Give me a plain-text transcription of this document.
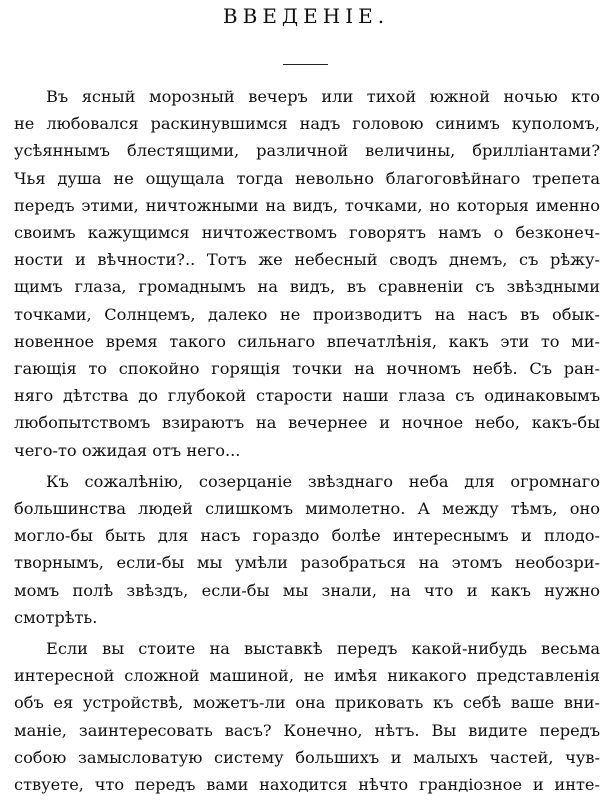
ВВЕДЕНІЕ.

Въ ясный морозный вечеръ или тихой южной ночью кто
не любовался раскинувшимся надъ головою синимъ куполомъ,
усѣяннымъ блестящими, различной величины, брилліантами?
Чья душа не ощущала тогда невольно благоговѣйнаго трепета
передъ этими, ничтожными на видъ, точками, но которыя именно
своимъ кажущимся ничтожествомъ говорятъ намъ о безконеч-
ности и вѣчности?.. Тотъ же небесный сводъ днемъ, съ рѣжу-
щимъ глаза, громаднымъ на видъ, въ сравненіи съ звѣздными
точками, Солнцемъ, далеко не производитъ на насъ въ обык-
новенное время такого сильнаго впечатлѣнія, какъ эти то ми-
гающія то спокойно горящія точки на ночномъ небѣ. Съ ран-
няго дѣтства до глубокой старости наши глаза съ одинаковымъ
любопытствомъ взираютъ на вечернее и ночное небо, какъ-бы
чего-то ожидая отъ него...

Къ сожалѣнію, созерцаніе звѣзднаго неба для огромнаго
большинства людей слишкомъ мимолетно. А между тѣмъ, оно
могло-бы быть для насъ гораздо болѣе интереснымъ и плодо-
творнымъ, если-бы мы умѣли разобраться на этомъ необозри-
момъ полѣ звѣздъ, если-бы мы знали, на что и какъ нужно
смотрѣть.

Если вы стоите на выставкѣ передъ какой-нибудь весьма
интересной сложной машиной, не имѣя никакого представленія
объ ея устройствѣ, можетъ-ли она приковать къ себѣ ваше вни-
маніе, заинтересовать васъ? Конечно, нѣтъ. Вы видите передъ
собою замысловатую систему большихъ и малыхъ частей, чув-
ствуете, что передъ вами находится нѣчто грандіозное и инте-
